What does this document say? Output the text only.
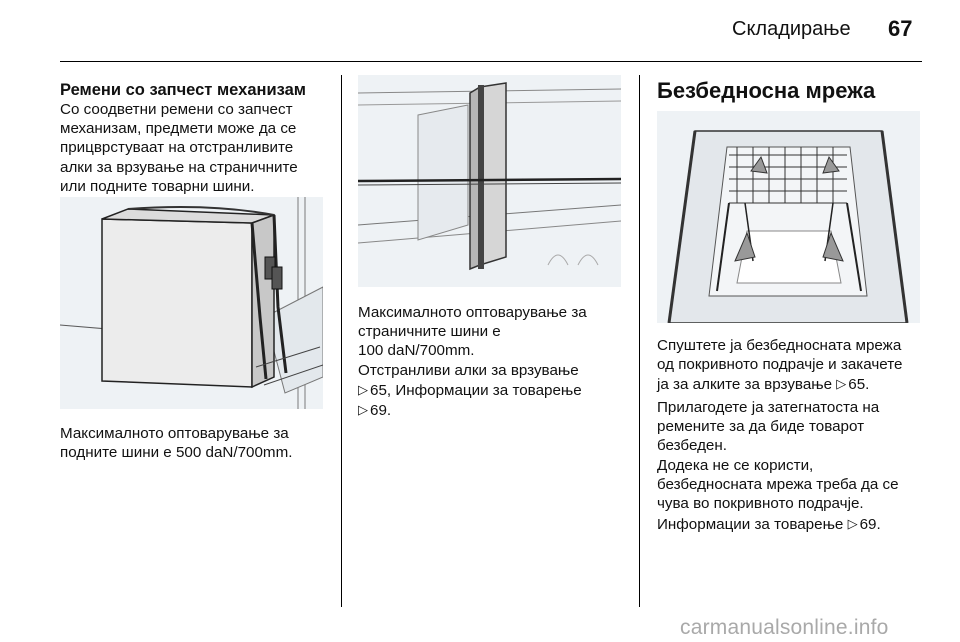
Складирање 67
Ремени со запчест механизам
Со соодветни ремени со запчест
механизам, предмети може да се
прицврстуваат на отстранливите
алки за врзување на страничните
или подните товарни шини.
Максималното оптоварување за
подните шини е 500 daN/700mm.
Максималното оптоварување за
страничните шини е
100 daN/700mm.
Отстранливи алки за врзување
▷ 65, Информации за товарење
▷ 69.
Безбедносна мрежа
Спуштете ја безбедносната мрежа
од покривното подрачје и закачете
ја за алките за врзување ▷ 65.
Прилагодете ја затегнатоста на
ремените за да биде товарот
безбеден.
Додека не се користи,
безбедносната мрежа треба да се
чува во покривното подрачје.
Информации за товарење ▷ 69.
carmanualsonline.info
